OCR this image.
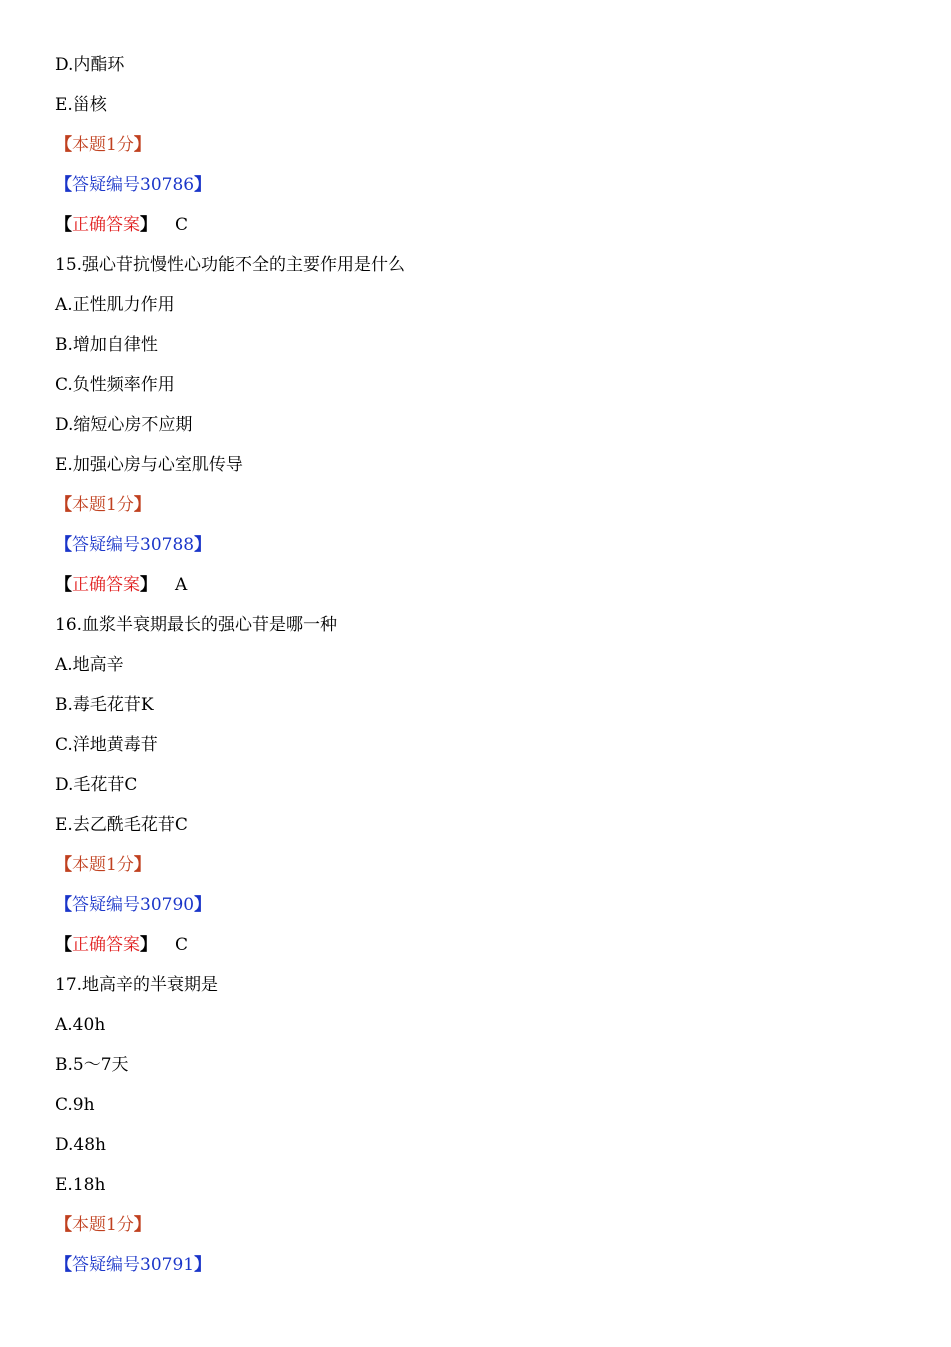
D.内酯环
E.甾核
【本题1分】
【答疑编号30786】
【正确答案】 C
15.强心苷抗慢性心功能不全的主要作用是什么
A.正性肌力作用
B.增加自律性
C.负性频率作用
D.缩短心房不应期
E.加强心房与心室肌传导
【本题1分】
【答疑编号30788】
【正确答案】 A
16.血浆半衰期最长的强心苷是哪一种
A.地高辛
B.毒毛花苷K
C.洋地黄毒苷
D.毛花苷C
E.去乙酰毛花苷C
【本题1分】
【答疑编号30790】
【正确答案】 C
17.地高辛的半衰期是
A.40h
B.5～7天
C.9h
D.48h
E.18h
【本题1分】
【答疑编号30791】
